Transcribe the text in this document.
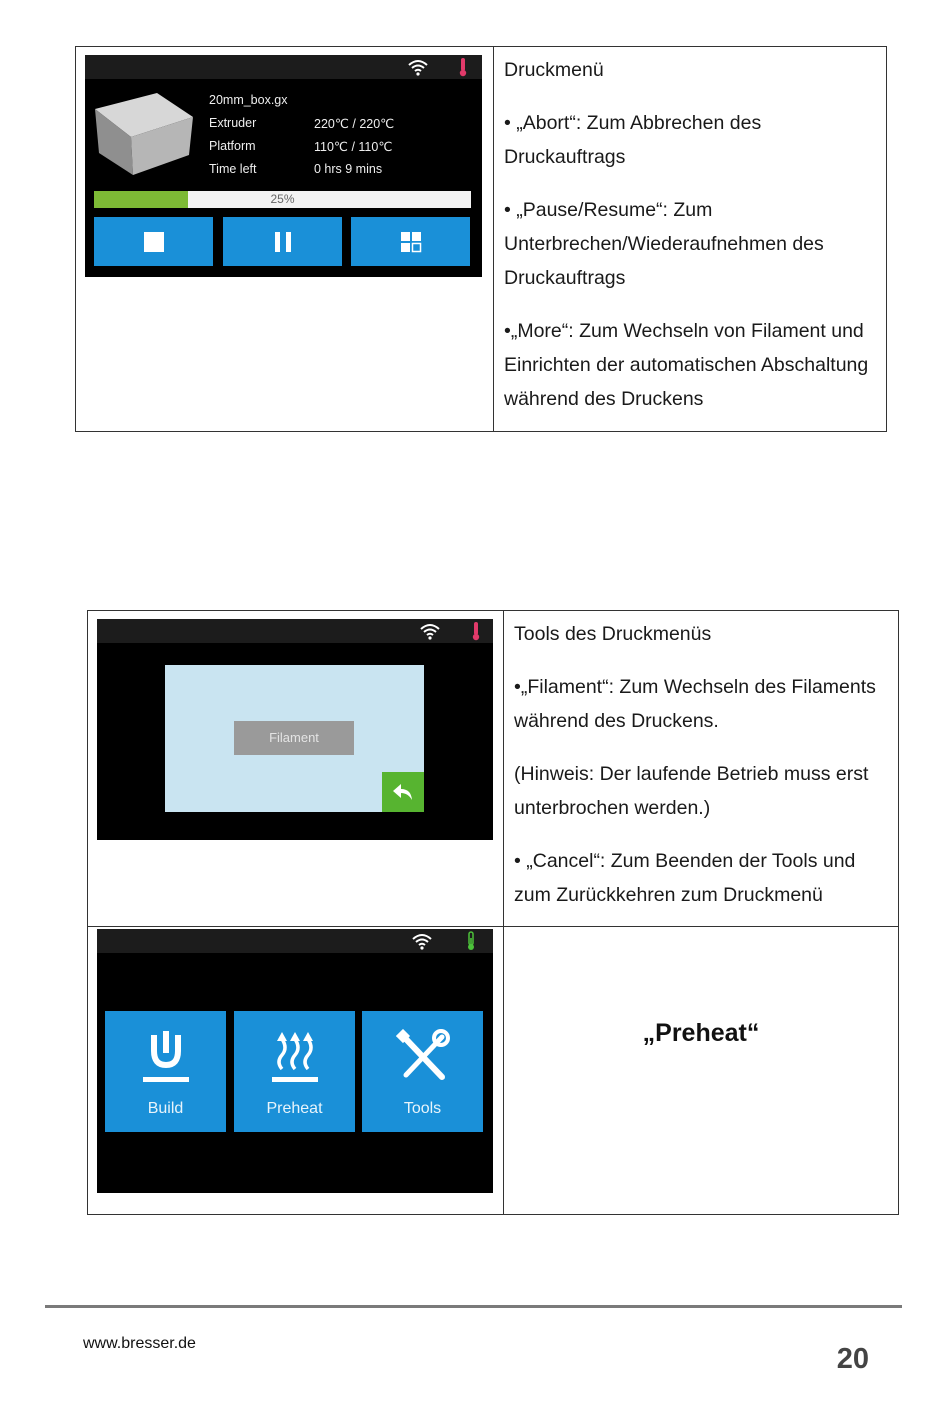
20mm_box.gx
Extruder	220℃ / 220℃
Platform	110℃ / 110℃
Time left	0 hrs 9 mins
25%

Druckmenü

• „Abort“: Zum Abbrechen des Druckauftrags

• „Pause/Resume“: Zum Unterbrechen/Wiederaufnehmen des Druckauftrags

•„More“: Zum Wechseln von Filament und Einrichten der automatischen Abschaltung während des Druckens

Filament	Tools des Druckmenüs

•„Filament“: Zum Wechseln des Filaments während des Druckens.

(Hinweis: Der laufende Betrieb muss erst unterbrochen werden.)

• „Cancel“: Zum Beenden der Tools und zum Zurückkehren zum Druckmenü

Build Preheat Tools	„Preheat“
www.bresser.de	20
